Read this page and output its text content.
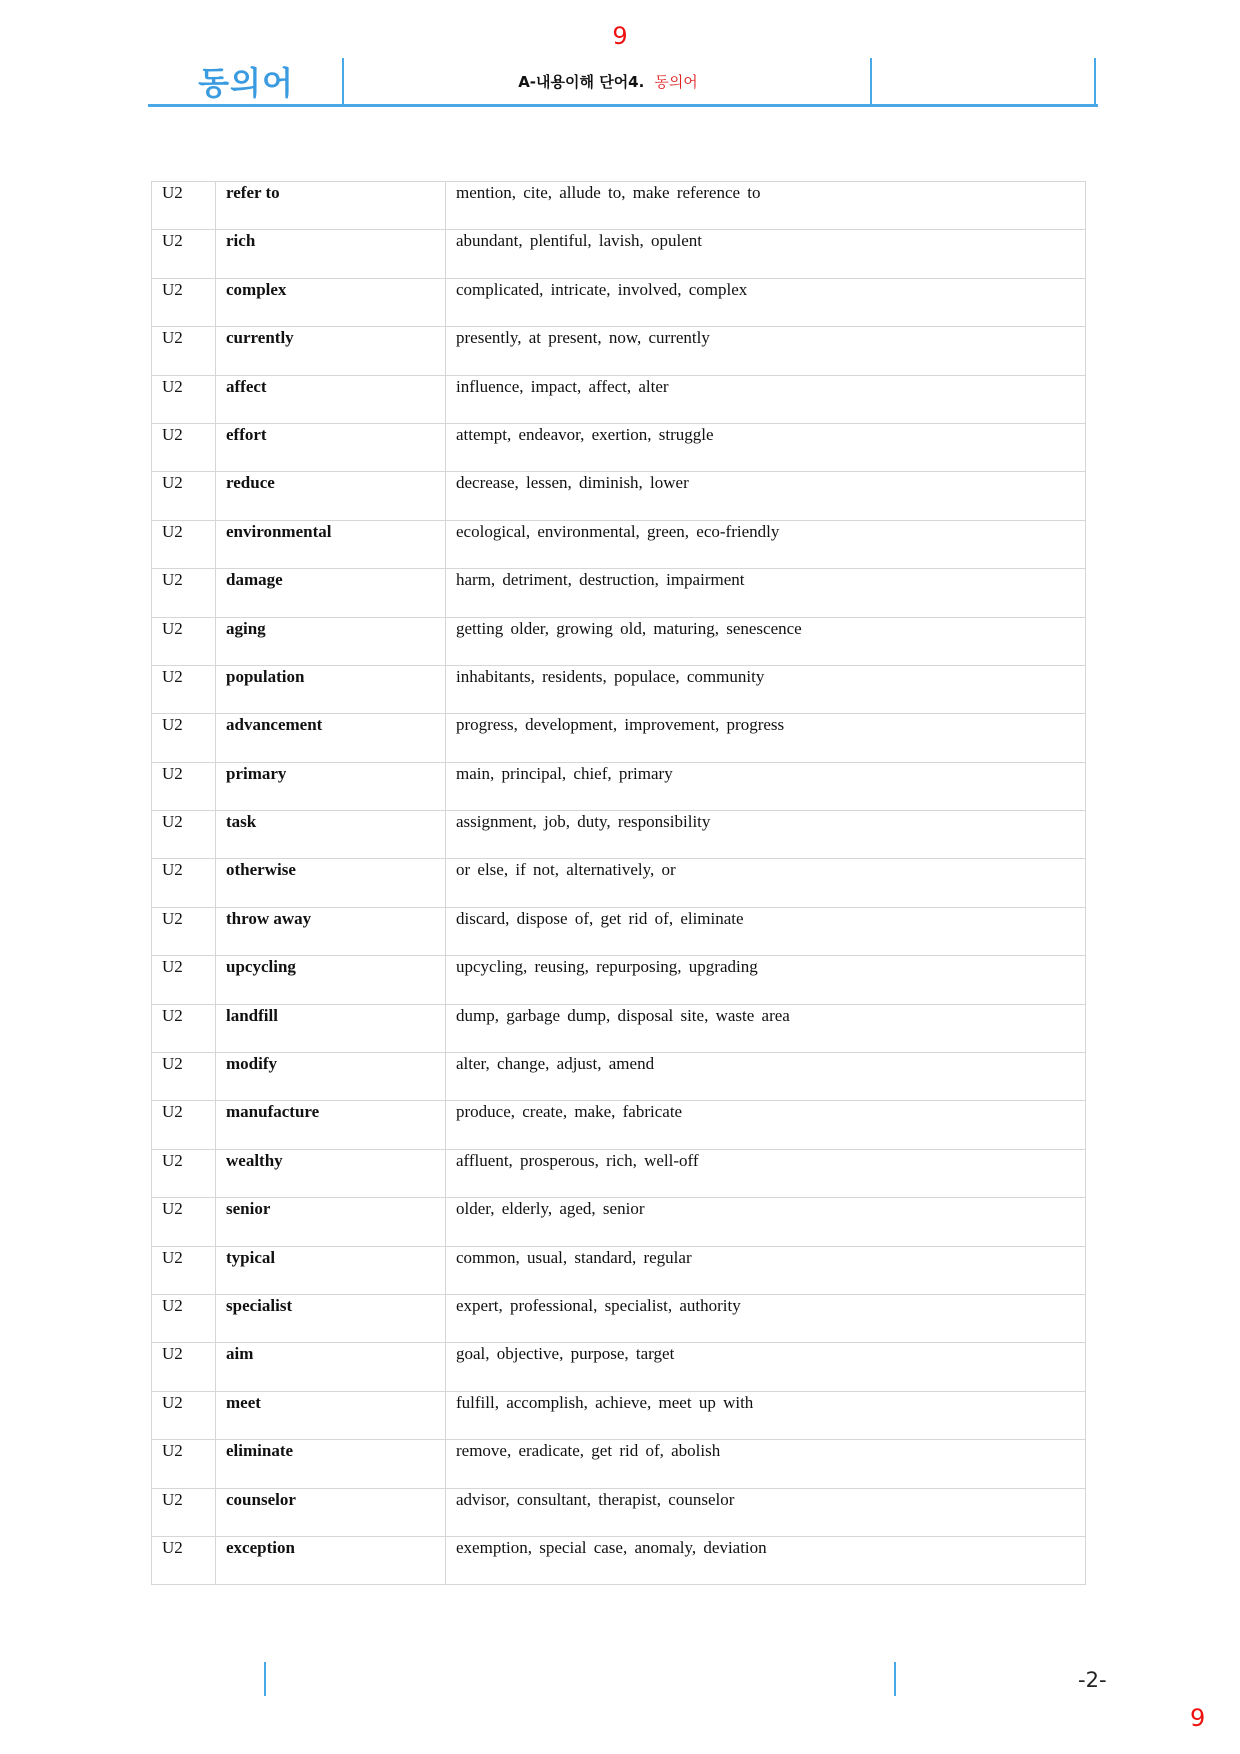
9
동의어	A-내용이해 단어4. 동의어
U2	refer to	mention, cite, allude to, make reference to

U2	rich	abundant, plentiful, lavish, opulent

U2	complex	complicated, intricate, involved, complex

U2	currently	presently, at present, now, currently

U2	affect	influence, impact, affect, alter

U2	effort	attempt, endeavor, exertion, struggle

U2	reduce	decrease, lessen, diminish, lower

U2	environmental	ecological, environmental, green, eco-friendly

U2	damage	harm, detriment, destruction, impairment

U2	aging	getting older, growing old, maturing, senescence

U2	population	inhabitants, residents, populace, community

U2	advancement	progress, development, improvement, progress

U2	primary	main, principal, chief, primary

U2	task	assignment, job, duty, responsibility

U2	otherwise	or else, if not, alternatively, or

U2	throw away	discard, dispose of, get rid of, eliminate

U2	upcycling	upcycling, reusing, repurposing, upgrading

U2	landfill	dump, garbage dump, disposal site, waste area

U2	modify	alter, change, adjust, amend

U2	manufacture	produce, create, make, fabricate

U2	wealthy	affluent, prosperous, rich, well-off

U2	senior	older, elderly, aged, senior

U2	typical	common, usual, standard, regular

U2	specialist	expert, professional, specialist, authority

U2	aim	goal, objective, purpose, target

U2	meet	fulfill, accomplish, achieve, meet up with

U2	eliminate	remove, eradicate, get rid of, abolish

U2	counselor	advisor, consultant, therapist, counselor

U2	exception	exemption, special case, anomaly, deviation
-2-
9
